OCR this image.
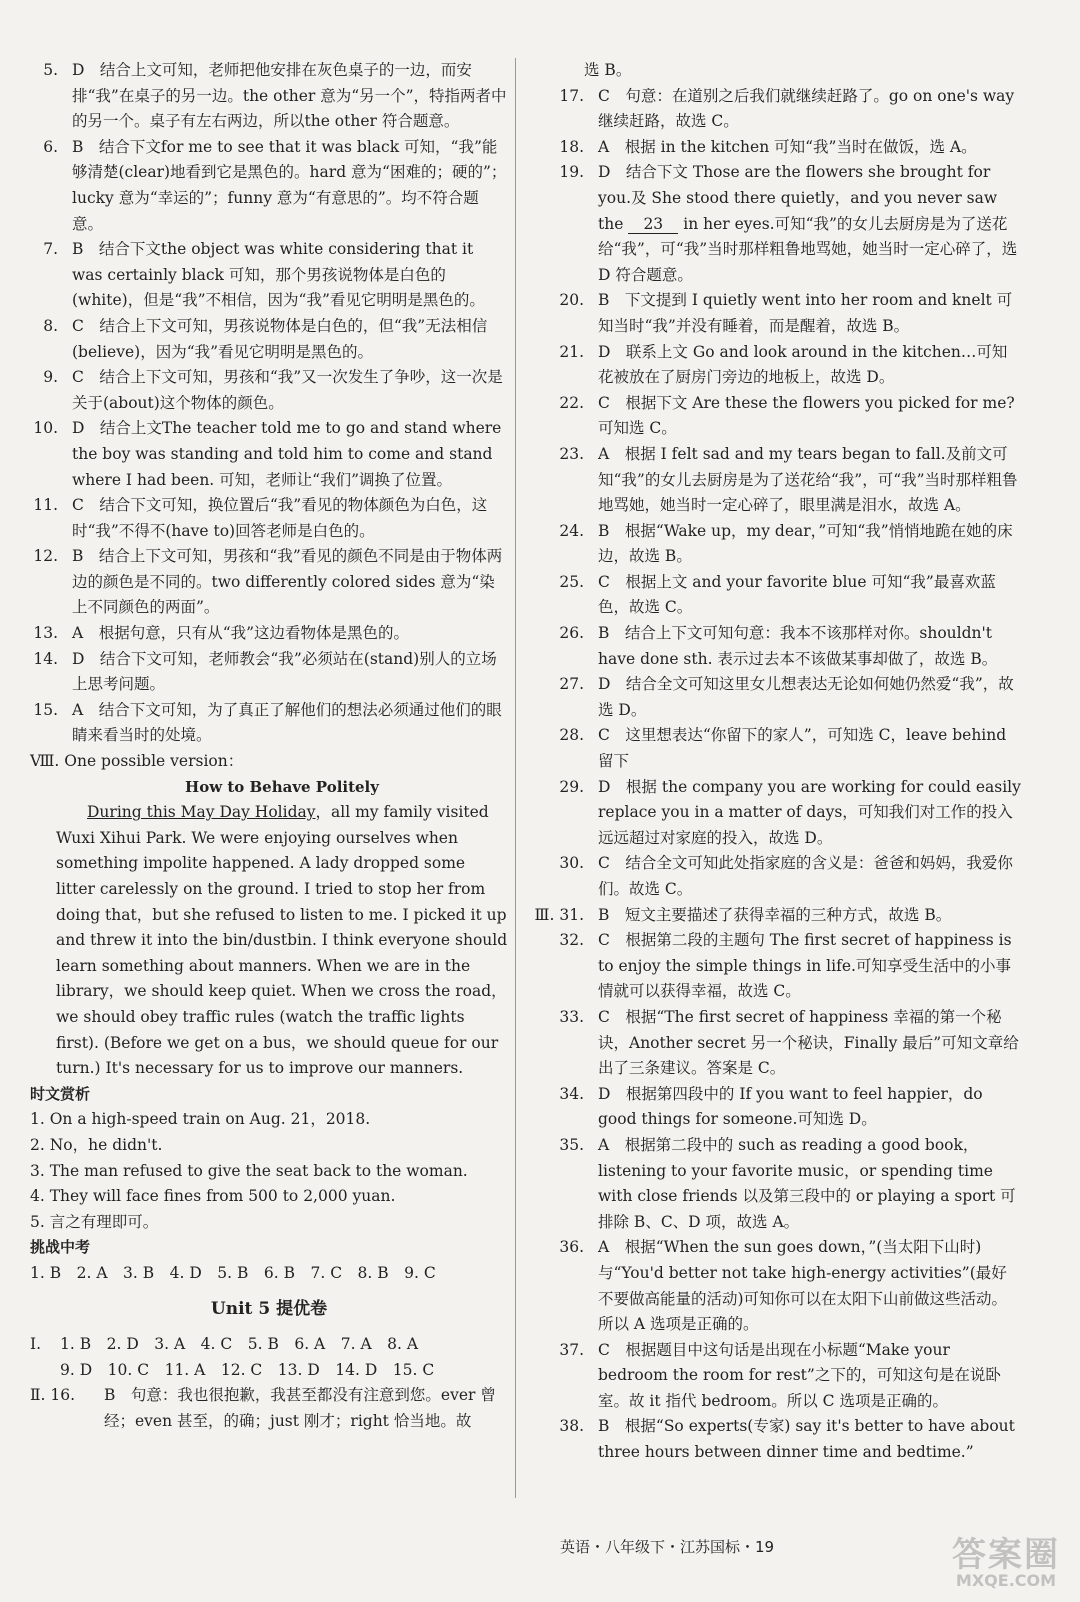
5. D　结合上文可知，老师把他安排在灰色桌子的一边，而安排“我”在桌子的另一边。the other 意为“另一个”，特指两者中的另一个。桌子有左右两边，所以the other 符合题意。
6. B　结合下文for me to see that it was black 可知，“我”能够清楚(clear)地看到它是黑色的。hard 意为“困难的；硬的”；lucky 意为“幸运的”；funny 意为“有意思的”。均不符合题意。
7. B　结合下文the object was white considering that it was certainly black 可知，那个男孩说物体是白色的(white)，但是“我”不相信，因为“我”看见它明明是黑色的。
8. C　结合上下文可知，男孩说物体是白色的，但“我”无法相信(believe)，因为“我”看见它明明是黑色的。
9. C　结合上下文可知，男孩和“我”又一次发生了争吵，这一次是关于(about)这个物体的颜色。
10. D　结合上文The teacher told me to go and stand where the boy was standing and told him to come and stand where I had been. 可知，老师让“我们”调换了位置。
11. C　结合下文可知，换位置后“我”看见的物体颜色为白色，这时“我”不得不(have to)回答老师是白色的。
12. B　结合上下文可知，男孩和“我”看见的颜色不同是由于物体两边的颜色是不同的。two differently colored sides 意为“染上不同颜色的两面”。
13. A　根据句意，只有从“我”这边看物体是黑色的。
14. D　结合下文可知，老师教会“我”必须站在(stand)别人的立场上思考问题。
15. A　结合下文可知，为了真正了解他们的想法必须通过他们的眼睛来看当时的处境。
Ⅷ. One possible version：
How to Behave Politely
During this May Day Holiday，all my family visited Wuxi Xihui Park. We were enjoying ourselves when something impolite happened. A lady dropped some litter carelessly on the ground. I tried to stop her from doing that，but she refused to listen to me. I picked it up and threw it into the bin/dustbin. I think everyone should learn something about manners. When we are in the library，we should keep quiet. When we cross the road，we should obey traffic rules (watch the traffic lights first). (Before we get on a bus，we should queue for our turn.) It's necessary for us to improve our manners.
时文赏析
1. On a high-speed train on Aug. 21，2018.
2. No，he didn't.
3. The man refused to give the seat back to the woman.
4. They will face fines from 500 to 2,000 yuan.
5. 言之有理即可。
挑战中考
1. B　2. A　3. B　4. D　5. B　6. B　7. C　8. B　9. C
Unit 5 提优卷
Ⅰ.	1. B　2. D　3. A　4. C　5. B　6. A　7. A　8. A
9. D　10. C　11. A　12. C　13. D　14. D　15. C
Ⅱ. 16.	B　句意：我也很抱歉，我甚至都没有注意到您。ever 曾经；even 甚至，的确；just 刚才；right 恰当地。故
选 B。
17. C　句意：在道别之后我们就继续赶路了。go on one's way 继续赶路，故选 C。
18. A　根据 in the kitchen 可知“我”当时在做饭，选 A。
19. D　结合下文 Those are the flowers she brought for you.及 She stood there quietly，and you never saw the 23 in her eyes.可知“我”的女儿去厨房是为了送花给“我”，可“我”当时那样粗鲁地骂她，她当时一定心碎了，选 D 符合题意。
20. B　下文提到 I quietly went into her room and knelt 可知当时“我”并没有睡着，而是醒着，故选 B。
21. D　联系上文 Go and look around in the kitchen…可知花被放在了厨房门旁边的地板上，故选 D。
22. C　根据下文 Are these the flowers you picked for me? 可知选 C。
23. A　根据 I felt sad and my tears began to fall.及前文可知“我”的女儿去厨房是为了送花给“我”，可“我”当时那样粗鲁地骂她，她当时一定心碎了，眼里满是泪水，故选 A。
24. B　根据“Wake up，my dear，”可知“我”悄悄地跪在她的床边，故选 B。
25. C　根据上文 and your favorite blue 可知“我”最喜欢蓝色，故选 C。
26. B　结合上下文可知句意：我本不该那样对你。shouldn't have done sth. 表示过去本不该做某事却做了，故选 B。
27. D　结合全文可知这里女儿想表达无论如何她仍然爱“我”，故选 D。
28. C　这里想表达“你留下的家人”，可知选 C，leave behind 留下
29. D　根据 the company you are working for could easily replace you in a matter of days，可知我们对工作的投入远远超过对家庭的投入，故选 D。
30. C　结合全文可知此处指家庭的含义是：爸爸和妈妈，我爱你们。故选 C。
Ⅲ. 31. B　短文主要描述了获得幸福的三种方式，故选 B。
32. C　根据第二段的主题句 The first secret of happiness is to enjoy the simple things in life.可知享受生活中的小事情就可以获得幸福，故选 C。
33. C　根据“The first secret of happiness 幸福的第一个秘诀，Another secret 另一个秘诀，Finally 最后”可知文章给出了三条建议。答案是 C。
34. D　根据第四段中的 If you want to feel happier，do good things for someone.可知选 D。
35. A　根据第二段中的 such as reading a good book，listening to your favorite music，or spending time with close friends 以及第三段中的 or playing a sport 可排除 B、C、D 项，故选 A。
36. A　根据“When the sun goes down，”(当太阳下山时)与“You'd better not take high-energy activities”(最好不要做高能量的活动)可知你可以在太阳下山前做这些活动。所以 A 选项是正确的。
37. C　根据题目中这句话是出现在小标题“Make your bedroom the room for rest”之下的，可知这句是在说卧室。故 it 指代 bedroom。所以 C 选项是正确的。
38. B　根据“So experts(专家) say it's better to have about three hours between dinner time and bedtime.”
英语・八年级下・江苏国标・19	答案圈
MXQE.COM
